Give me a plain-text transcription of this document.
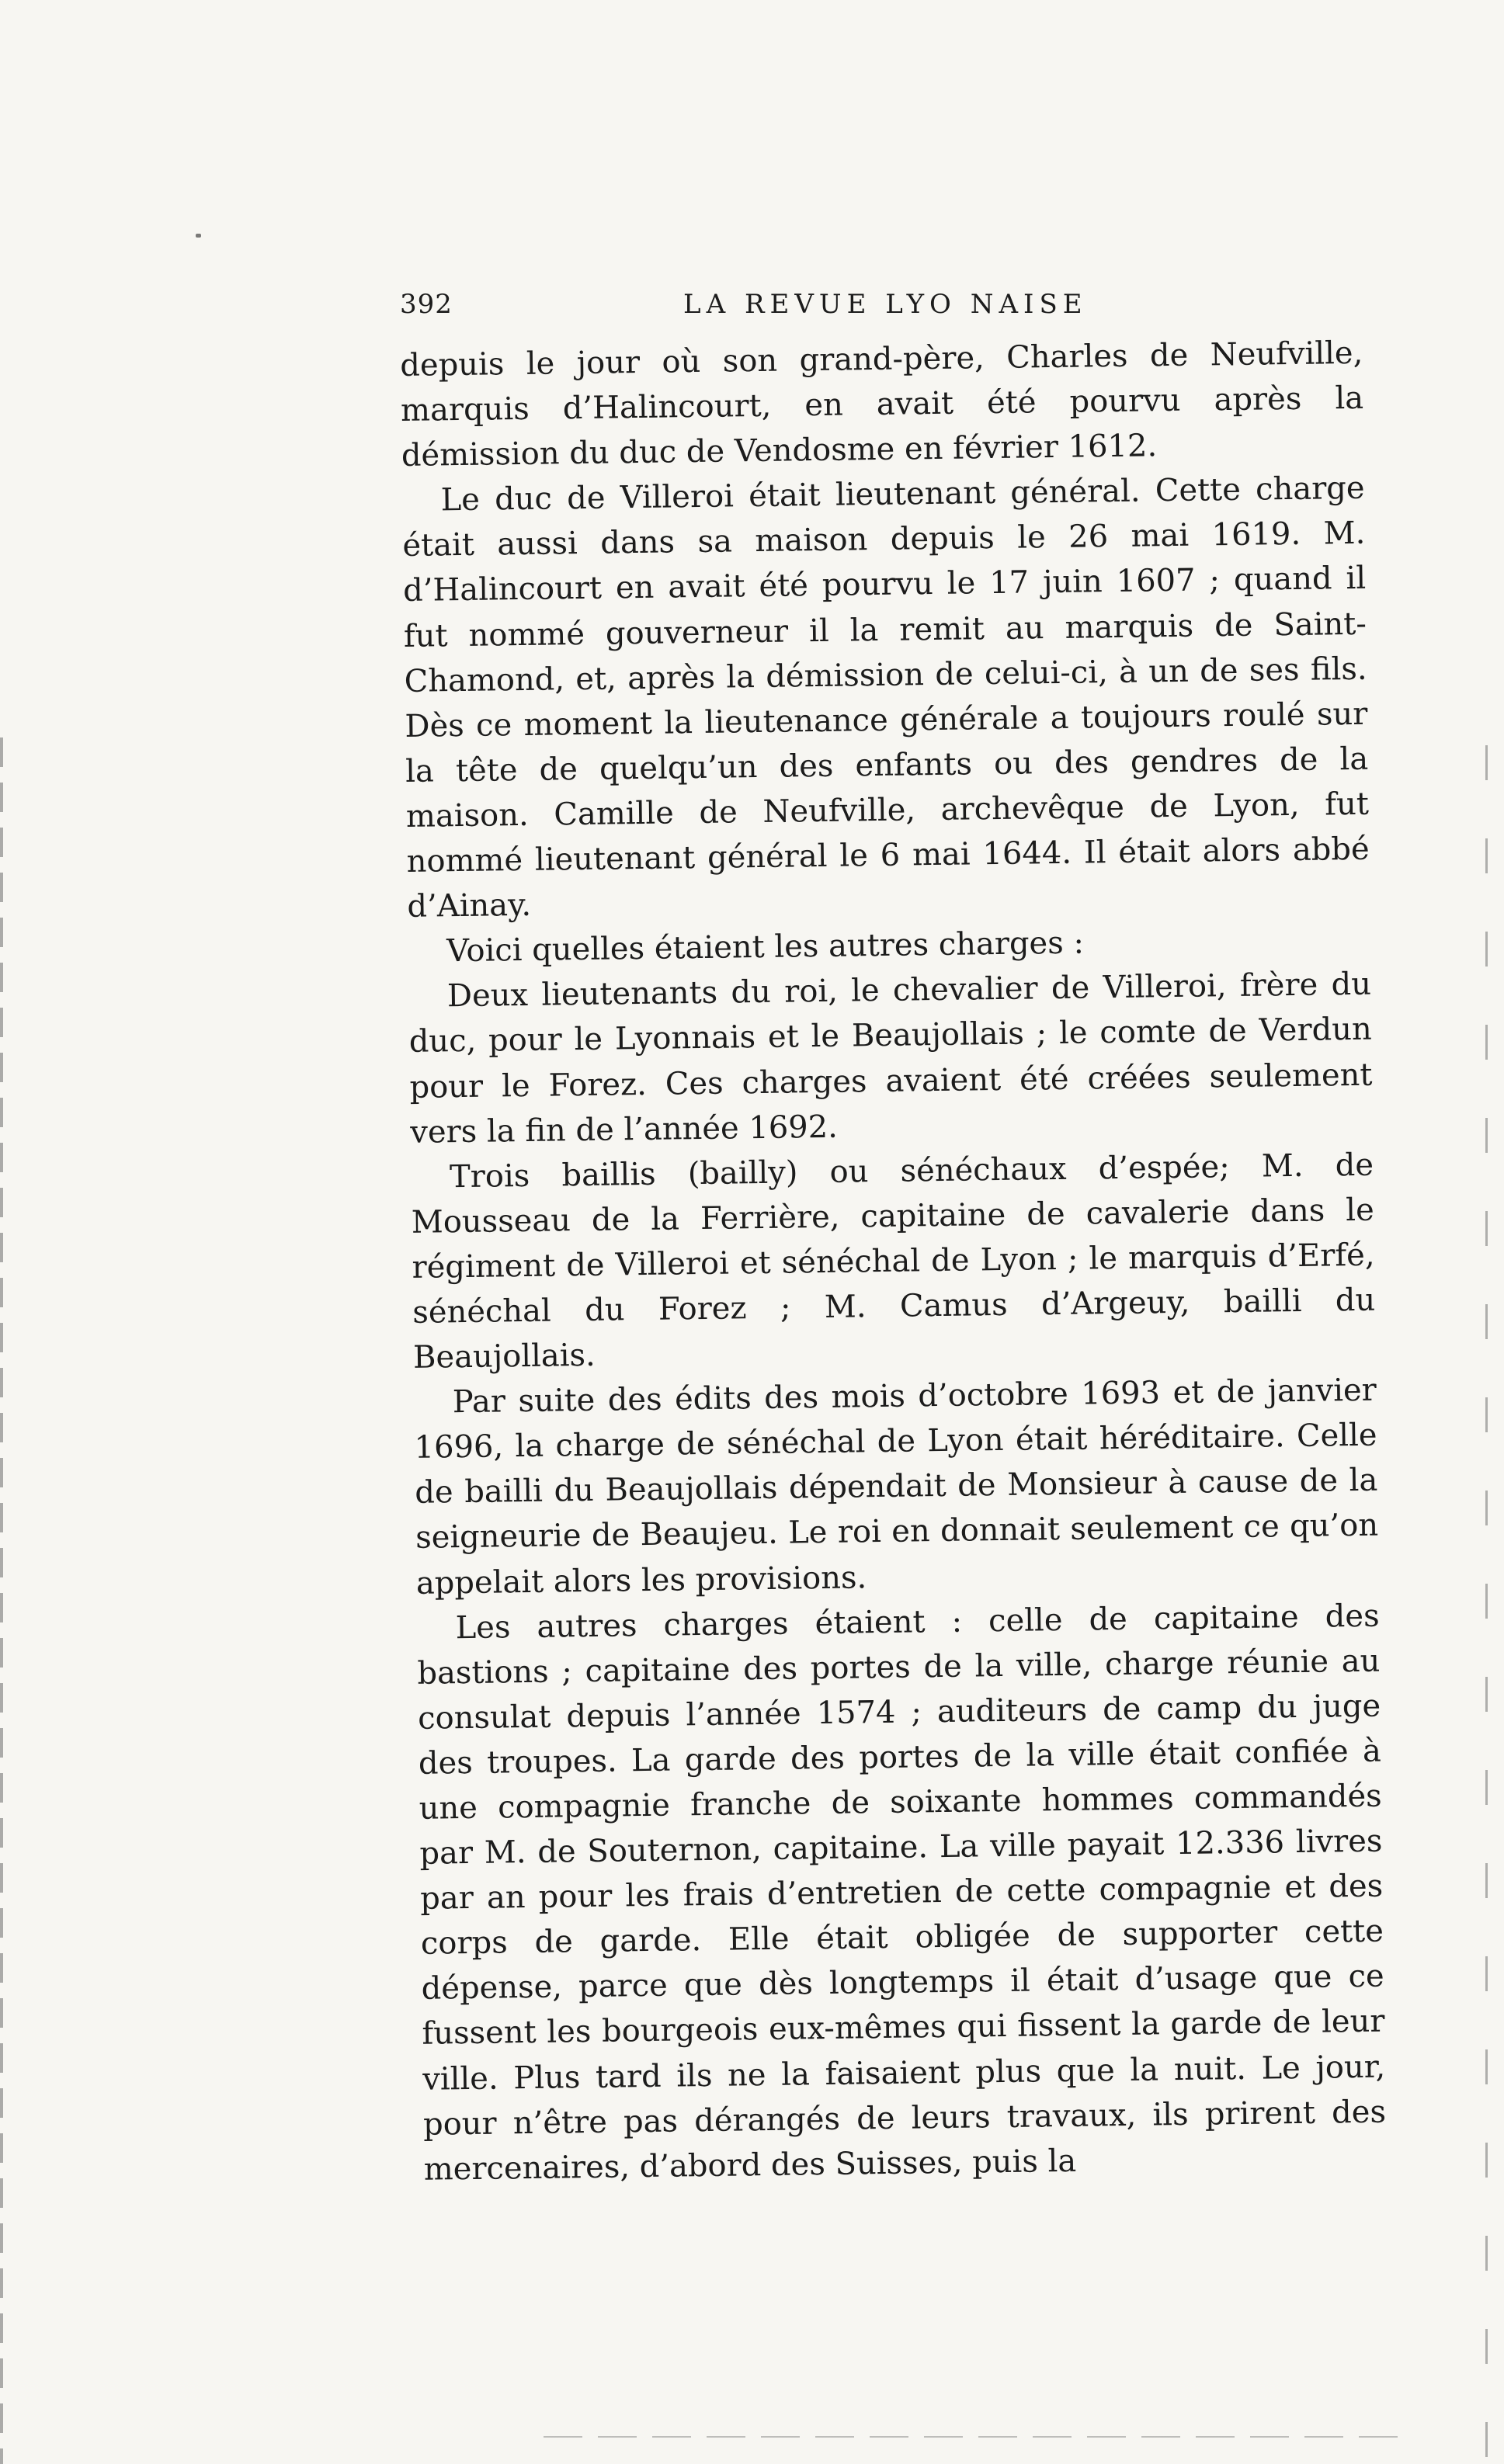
392	LA REVUE LYO NAISE

depuis le jour où son grand-père, Charles de Neufville, marquis d’Halincourt, en avait été pourvu après la démission du duc de Vendosme en février 1612.

Le duc de Villeroi était lieutenant général. Cette charge était aussi dans sa maison depuis le 26 mai 1619. M. d’Halincourt en avait été pourvu le 17 juin 1607 ; quand il fut nommé gouverneur il la remit au marquis de Saint-Chamond, et, après la démission de celui-ci, à un de ses fils. Dès ce moment la lieutenance générale a toujours roulé sur la tête de quelqu’un des enfants ou des gendres de la maison. Camille de Neufville, archevêque de Lyon, fut nommé lieutenant général le 6 mai 1644. Il était alors abbé d’Ainay.

Voici quelles étaient les autres charges :

Deux lieutenants du roi, le chevalier de Villeroi, frère du duc, pour le Lyonnais et le Beaujollais ; le comte de Verdun pour le Forez. Ces charges avaient été créées seulement vers la fin de l’année 1692.

Trois baillis (bailly) ou sénéchaux d’espée; M. de Mousseau de la Ferrière, capitaine de cavalerie dans le régiment de Villeroi et sénéchal de Lyon ; le marquis d’Erfé, sénéchal du Forez ; M. Camus d’Argeuy, bailli du Beaujollais.

Par suite des édits des mois d’octobre 1693 et de janvier 1696, la charge de sénéchal de Lyon était héréditaire. Celle de bailli du Beaujollais dépendait de Monsieur à cause de la seigneurie de Beaujeu. Le roi en donnait seulement ce qu’on appelait alors les provisions.

Les autres charges étaient : celle de capitaine des bastions ; capitaine des portes de la ville, charge réunie au consulat depuis l’année 1574 ; auditeurs de camp du juge des troupes. La garde des portes de la ville était confiée à une compagnie franche de soixante hommes commandés par M. de Souternon, capitaine. La ville payait 12.336 livres par an pour les frais d’entretien de cette compagnie et des corps de garde. Elle était obligée de supporter cette dépense, parce que dès longtemps il était d’usage que ce fussent les bourgeois eux-mêmes qui fissent la garde de leur ville. Plus tard ils ne la faisaient plus que la nuit. Le jour, pour n’être pas dérangés de leurs travaux, ils prirent des mercenaires, d’abord des Suisses, puis la
